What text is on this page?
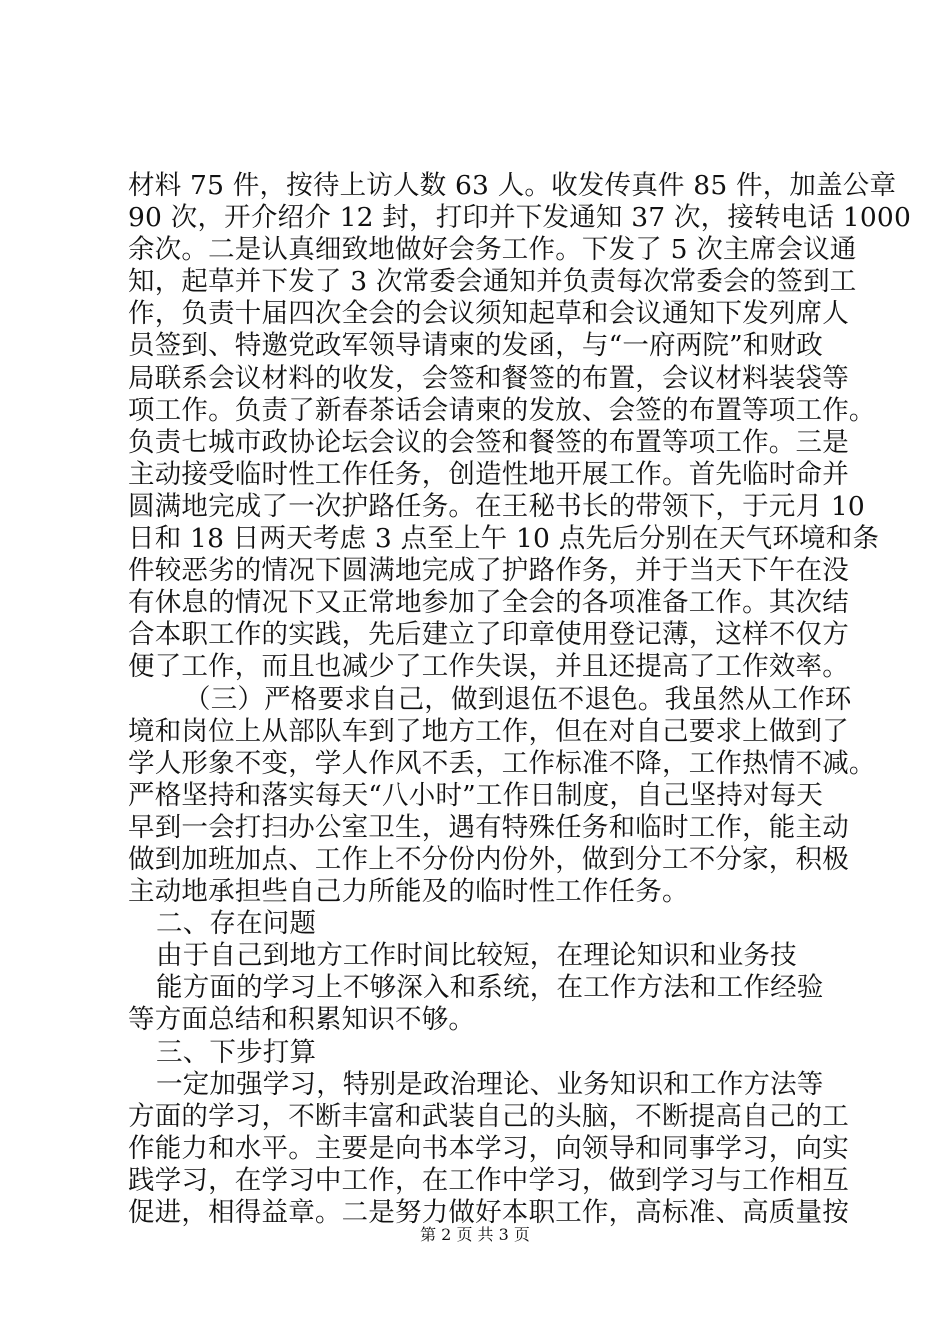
材料 75 件，按待上访人数 63 人。收发传真件 85 件，加盖公章
90 次，开介绍介 12 封，打印并下发通知 37 次，接转电话 1000
余次。二是认真细致地做好会务工作。下发了 5 次主席会议通
知，起草并下发了 3 次常委会通知并负责每次常委会的签到工
作，负责十届四次全会的会议须知起草和会议通知下发列席人
员签到、特邀党政军领导请柬的发函，与“一府两院”和财政
局联系会议材料的收发，会签和餐签的布置，会议材料装袋等
项工作。负责了新春茶话会请柬的发放、会签的布置等项工作。
负责七城市政协论坛会议的会签和餐签的布置等项工作。三是
主动接受临时性工作任务，创造性地开展工作。首先临时命并
圆满地完成了一次护路任务。在王秘书长的带领下，于元月 10
日和 18 日两天考虑 3 点至上午 10 点先后分别在天气环境和条
件较恶劣的情况下圆满地完成了护路作务，并于当天下午在没
有休息的情况下又正常地参加了全会的各项准备工作。其次结
合本职工作的实践，先后建立了印章使用登记薄，这样不仅方
便了工作，而且也减少了工作失误，并且还提高了工作效率。
（三）严格要求自己，做到退伍不退色。我虽然从工作环
境和岗位上从部队车到了地方工作，但在对自己要求上做到了
学人形象不变，学人作风不丢，工作标准不降，工作热情不减。
严格坚持和落实每天“八小时”工作日制度，自己坚持对每天
早到一会打扫办公室卫生，遇有特殊任务和临时工作，能主动
做到加班加点、工作上不分份内份外，做到分工不分家，积极
主动地承担些自己力所能及的临时性工作任务。
二、存在问题
由于自己到地方工作时间比较短，在理论知识和业务技
能方面的学习上不够深入和系统，在工作方法和工作经验
等方面总结和积累知识不够。
三、下步打算
一定加强学习，特别是政治理论、业务知识和工作方法等
方面的学习，不断丰富和武装自己的头脑，不断提高自己的工
作能力和水平。主要是向书本学习，向领导和同事学习，向实
践学习，在学习中工作，在工作中学习，做到学习与工作相互
促进，相得益章。二是努力做好本职工作，高标准、高质量按
第 2 页 共 3 页
